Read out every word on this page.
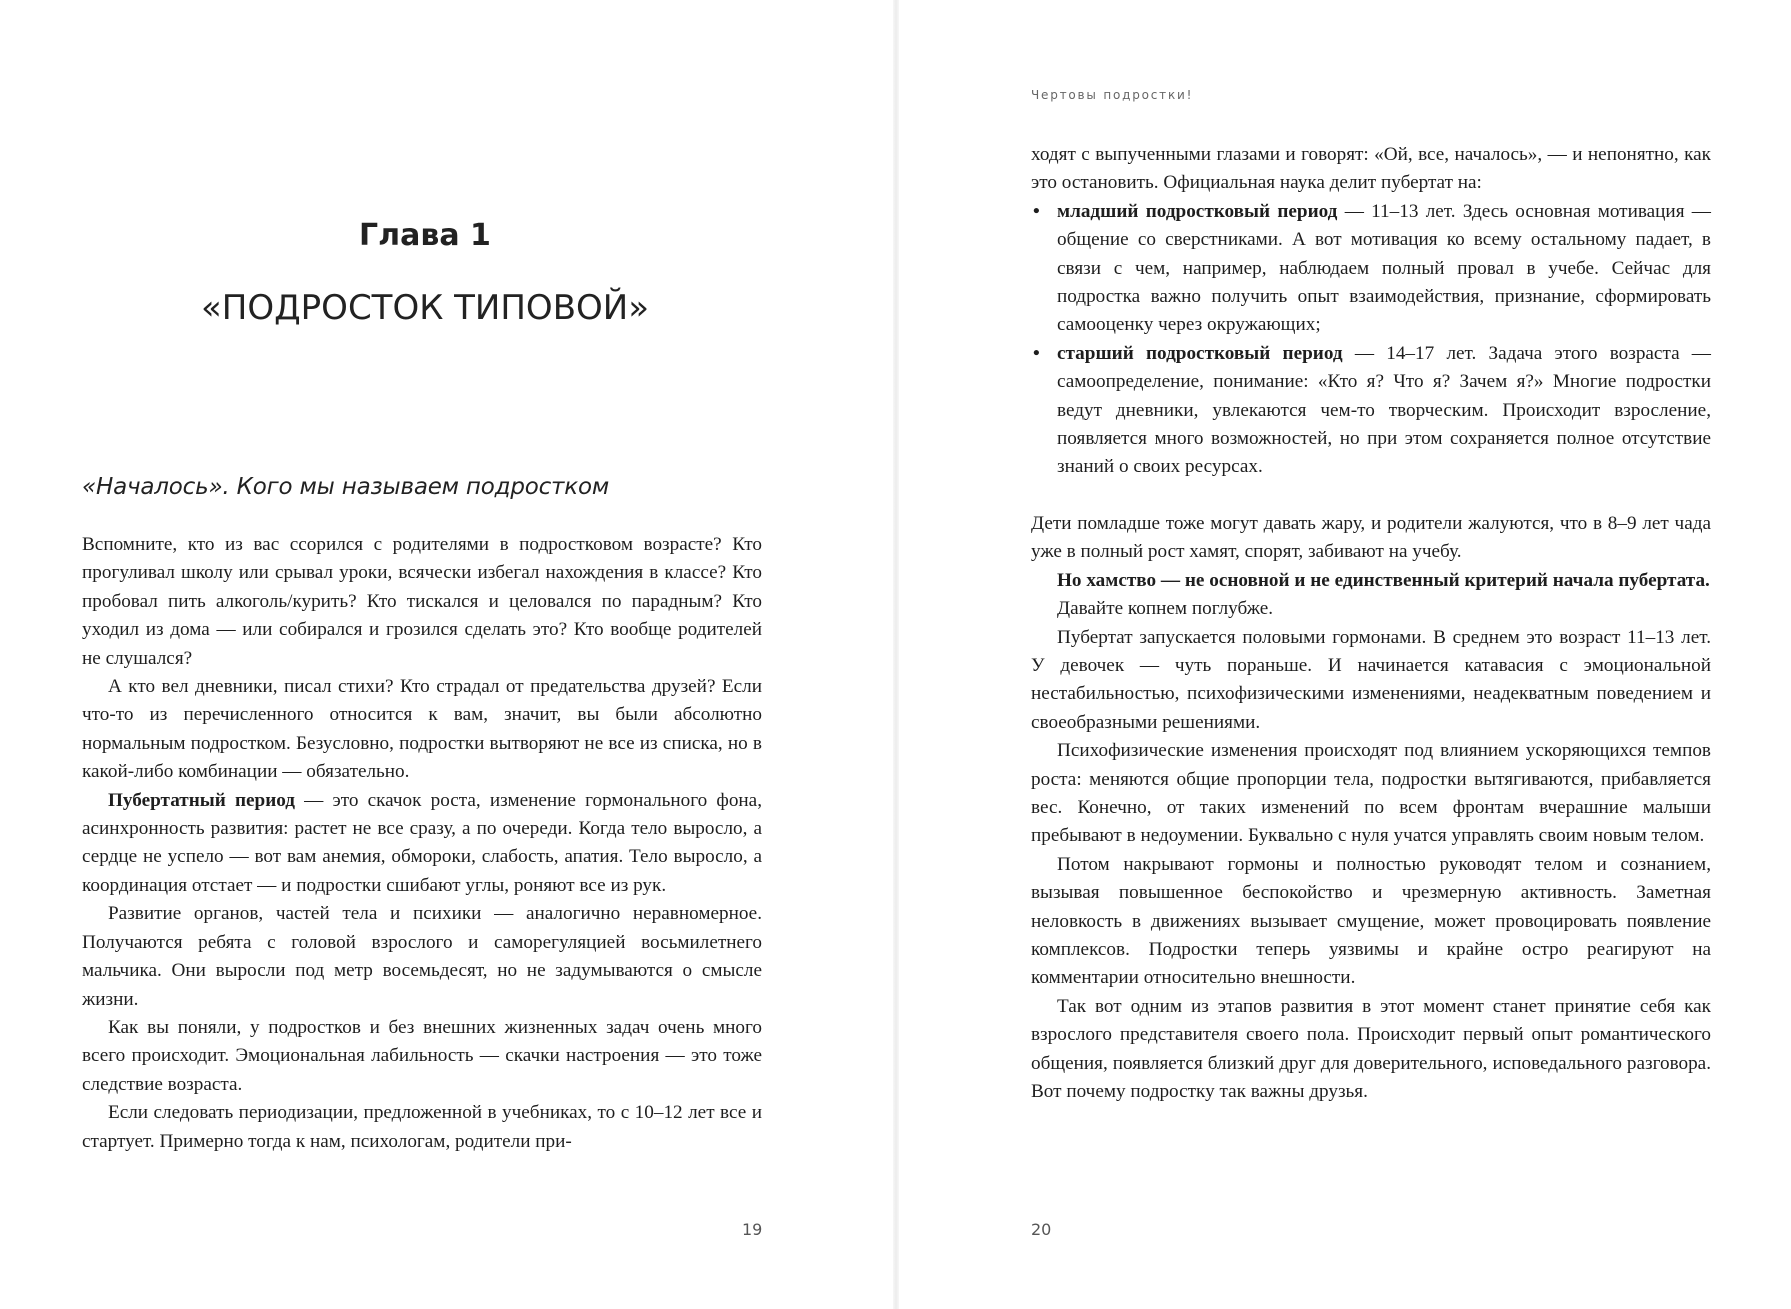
Глава 1
«ПОДРОСТОК ТИПОВОЙ»
«Началось». Кого мы называем подростком

Вспомните, кто из вас ссорился с родителями в подростковом возрасте? Кто прогуливал школу или срывал уроки, всячески избегал нахождения в классе? Кто пробовал пить алкоголь/курить? Кто тискался и целовался по парадным? Кто уходил из дома — или собирался и грозился сделать это? Кто вообще родителей не слушался?

А кто вел дневники, писал стихи? Кто страдал от предательства друзей? Если что-то из перечисленного относится к вам, значит, вы были абсолютно нормальным подростком. Безусловно, подростки вытворяют не все из списка, но в какой-либо комбинации — обязательно.

Пубертатный период — это скачок роста, изменение гормонального фона, асинхронность развития: растет не все сразу, а по очереди. Когда тело выросло, а сердце не успело — вот вам анемия, обмороки, слабость, апатия. Тело выросло, а координация отстает — и подростки сшибают углы, роняют все из рук.

Развитие органов, частей тела и психики — аналогично неравномерное. Получаются ребята с головой взрослого и саморегуляцией восьмилетнего мальчика. Они выросли под метр восемьдесят, но не задумываются о смысле жизни.

Как вы поняли, у подростков и без внешних жизненных задач очень много всего происходит. Эмоциональная лабильность — скачки настроения — это тоже следствие возраста.

Если следовать периодизации, предложенной в учебниках, то с 10–12 лет все и стартует. Примерно тогда к нам, психологам, родители при-

19
Чертовы подростки!

ходят с выпученными глазами и говорят: «Ой, все, началось», — и непонятно, как это остановить. Официальная наука делит пубертат на:

• младший подростковый период — 11–13 лет. Здесь основная мотивация — общение со сверстниками. А вот мотивация ко всему остальному падает, в связи с чем, например, наблюдаем полный провал в учебе. Сейчас для подростка важно получить опыт взаимодействия, признание, сформировать самооценку через окружающих;
• старший подростковый период — 14–17 лет. Задача этого возраста — самоопределение, понимание: «Кто я? Что я? Зачем я?» Многие подростки ведут дневники, увлекаются чем-то творческим. Происходит взросление, появляется много возможностей, но при этом сохраняется полное отсутствие знаний о своих ресурсах.

Дети помладше тоже могут давать жару, и родители жалуются, что в 8–9 лет чада уже в полный рост хамят, спорят, забивают на учебу.

Но хамство — не основной и не единственный критерий начала пубертата.

Давайте копнем поглубже.

Пубертат запускается половыми гормонами. В среднем это возраст 11–13 лет. У девочек — чуть пораньше. И начинается катавасия с эмоциональной нестабильностью, психофизическими изменениями, неадекватным поведением и своеобразными решениями.

Психофизические изменения происходят под влиянием ускоряющихся темпов роста: меняются общие пропорции тела, подростки вытягиваются, прибавляется вес. Конечно, от таких изменений по всем фронтам вчерашние малыши пребывают в недоумении. Буквально с нуля учатся управлять своим новым телом.

Потом накрывают гормоны и полностью руководят телом и сознанием, вызывая повышенное беспокойство и чрезмерную активность. Заметная неловкость в движениях вызывает смущение, может провоцировать появление комплексов. Подростки теперь уязвимы и крайне остро реагируют на комментарии относительно внешности.

Так вот одним из этапов развития в этот момент станет принятие себя как взрослого представителя своего пола. Происходит первый опыт романтического общения, появляется близкий друг для доверительного, исповедального разговора. Вот почему подростку так важны друзья.

20
